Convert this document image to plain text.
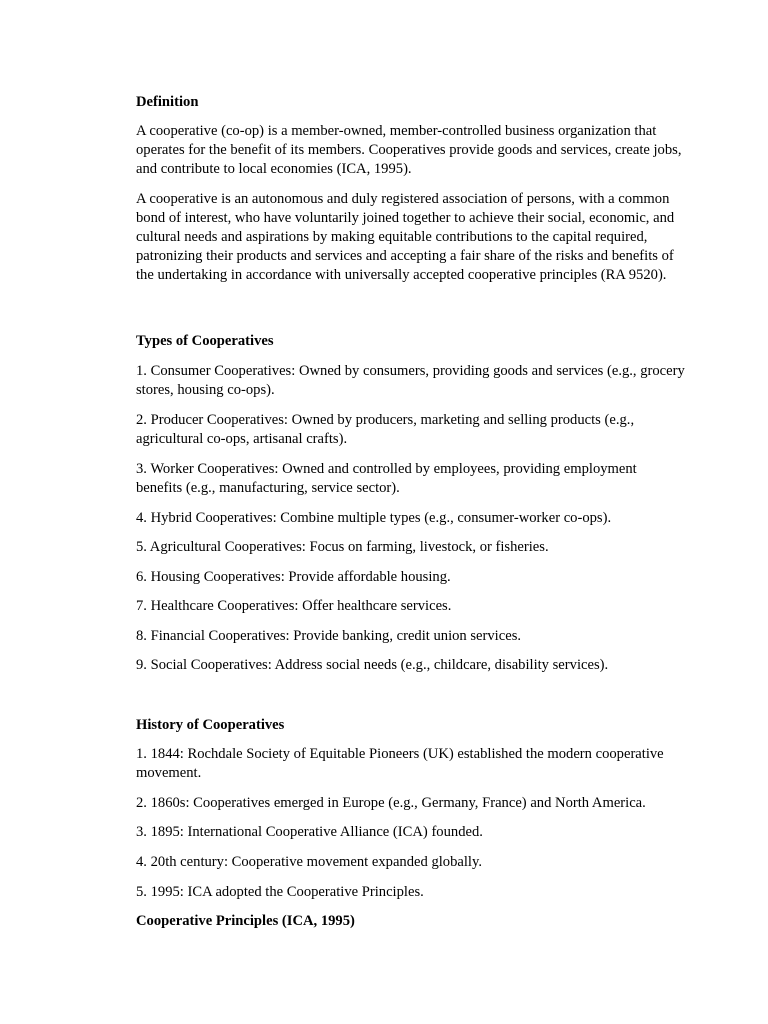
Definition

A cooperative (co-op) is a member-owned, member-controlled business organization that operates for the benefit of its members. Cooperatives provide goods and services, create jobs, and contribute to local economies (ICA, 1995).

A cooperative is an autonomous and duly registered association of persons, with a common bond of interest, who have voluntarily joined together to achieve their social, economic, and cultural needs and aspirations by making equitable contributions to the capital required, patronizing their products and services and accepting a fair share of the risks and benefits of the undertaking in accordance with universally accepted cooperative principles (RA 9520).

Types of Cooperatives

1. Consumer Cooperatives: Owned by consumers, providing goods and services (e.g., grocery stores, housing co-ops).

2. Producer Cooperatives: Owned by producers, marketing and selling products (e.g., agricultural co-ops, artisanal crafts).

3. Worker Cooperatives: Owned and controlled by employees, providing employment benefits (e.g., manufacturing, service sector).

4. Hybrid Cooperatives: Combine multiple types (e.g., consumer-worker co-ops).

5. Agricultural Cooperatives: Focus on farming, livestock, or fisheries.

6. Housing Cooperatives: Provide affordable housing.

7. Healthcare Cooperatives: Offer healthcare services.

8. Financial Cooperatives: Provide banking, credit union services.

9. Social Cooperatives: Address social needs (e.g., childcare, disability services).

History of Cooperatives

1. 1844: Rochdale Society of Equitable Pioneers (UK) established the modern cooperative movement.

2. 1860s: Cooperatives emerged in Europe (e.g., Germany, France) and North America.

3. 1895: International Cooperative Alliance (ICA) founded.

4. 20th century: Cooperative movement expanded globally.

5. 1995: ICA adopted the Cooperative Principles.

Cooperative Principles (ICA, 1995)
